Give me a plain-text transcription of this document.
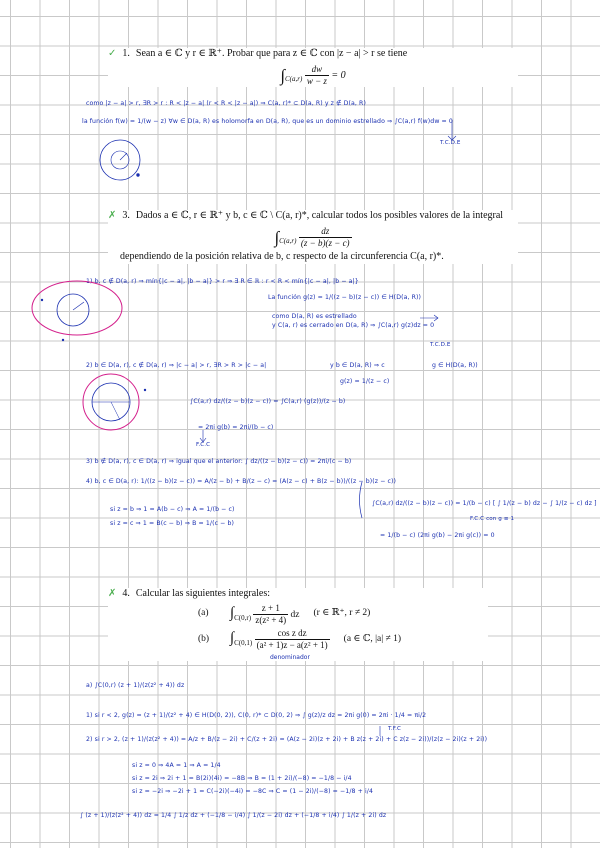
✓ 1. Sean a ∈ ℂ y r ∈ ℝ⁺. Probar que para z ∈ ℂ con |z − a| > r se tiene
$\int_{C(a,r)} \frac{dw}{w - z} = 0$
como |z − a| > r, ∃R > r : R < |z − a| (r < R < |z − a|) ⇒ C(a, r)* ⊂ D(a, R) y z ∉ D(a, R)
la función f(w) = 1/(w − z) ∀w ∈ D(a, R) es holomorfa en D(a, R), que es un dominio estrellado ⇒ ∫C(a,r) f(w)dw = 0
T.C.D.E
✗ 3. Dados a ∈ ℂ, r ∈ ℝ⁺ y b, c ∈ ℂ \ C(a, r)*, calcular todos los posibles valores de la integral
$\int_{C(a,r)} \frac{dz}{(z - b)(z - c)}$
dependiendo de la posición relativa de b, c respecto de la circunferencia C(a, r)*.
1) b, c ∉ D(a, r) ⇒ mín{|c − a|, |b − a|} > r ⇒ ∃ R ∈ ℝ : r < R < mín{|c − a|, |b − a|}
La función g(z) = 1/((z − b)(z − c)) ∈ H(D(a, R))
como D(a, R) es estrellado
y C(a, r) es cerrado en D(a, R) ⇒ ∫C(a,r) g(z)dz = 0
T.C.D.E
2) b ∈ D(a, r), c ∉ D(a, r) ⇒ |c − a| > r, ∃R > R > |c − a|	y b ∈ D(a, R) ⇒ c
g(z) = 1/(z − c)
g ∈ H(D(a, R))
∫C(a,r) dz/((z − b)(z − c)) = ∫C(a,r) (g(z))/(z − b)
= 2πi g(b) = 2πi/(b − c)
F.C.C
3) b ∉ D(a, r), c ∈ D(a, r) ⇒ igual que el anterior: ∫ dz/((z − b)(z − c)) = 2πi/(c − b)
4) b, c ∈ D(a, r): 1/((z − b)(z − c)) = A/(z − b) + B/(z − c) = (A(z − c) + B(z − b))/((z − b)(z − c))
si z = b ⇒ 1 = A(b − c) ⇒ A = 1/(b − c)
si z = c ⇒ 1 = B(c − b) ⇒ B = 1/(c − b)
∫C(a,r) dz/((z − b)(z − c)) = 1/(b − c) [ ∫ 1/(z − b) dz − ∫ 1/(z − c) dz ]
= 1/(b − c) (2πi g(b) − 2πi g(c)) = 0
F.C.C con g ≡ 1
✗ 4. Calcular las siguientes integrales:
(a)	$\int_{C(0,r)} \frac{z + 1}{\text{z(z² + 4)}}$ dz (r ∈ ℝ⁺, r ≠ 2)
(b)	$\int_{C(0,1)} \frac{\text{cos z dz}}{\text{(a² + 1)z − a(z² + 1)}} (a$ ∈ ℂ, |a| ≠ 1)
denominador
a) ∫C(0,r) (z + 1)/(z(z² + 4)) dz
1) si r < 2, g(z) = (z + 1)/(z² + 4) ∈ H(D(0, 2)), C(0, r)* ⊂ D(0, 2) ⇒ ∫ g(z)/z dz = 2πi g(0) = 2πi · 1/4 = πi/2
T.F.C
2) si r > 2, (z + 1)/(z(z² + 4)) = A/z + B/(z − 2i) + C/(z + 2i) = (A(z − 2i)(z + 2i) + B z(z + 2i) + C z(z − 2i))/(z(z − 2i)(z + 2i))
si z = 0 ⇒ 4A = 1 ⇒ A = 1/4
si z = 2i ⇒ 2i + 1 = B(2i)(4i) = −8B ⇒ B = (1 + 2i)/(−8) = −1/8 − i/4
si z = −2i ⇒ −2i + 1 = C(−2i)(−4i) = −8C ⇒ C = (1 − 2i)/(−8) = −1/8 + i/4
∫ (z + 1)/(z(z² + 4)) dz = 1/4 ∫ 1/z dz + (−1/8 − i/4) ∫ 1/(z − 2i) dz + (−1/8 + i/4) ∫ 1/(z + 2i) dz
